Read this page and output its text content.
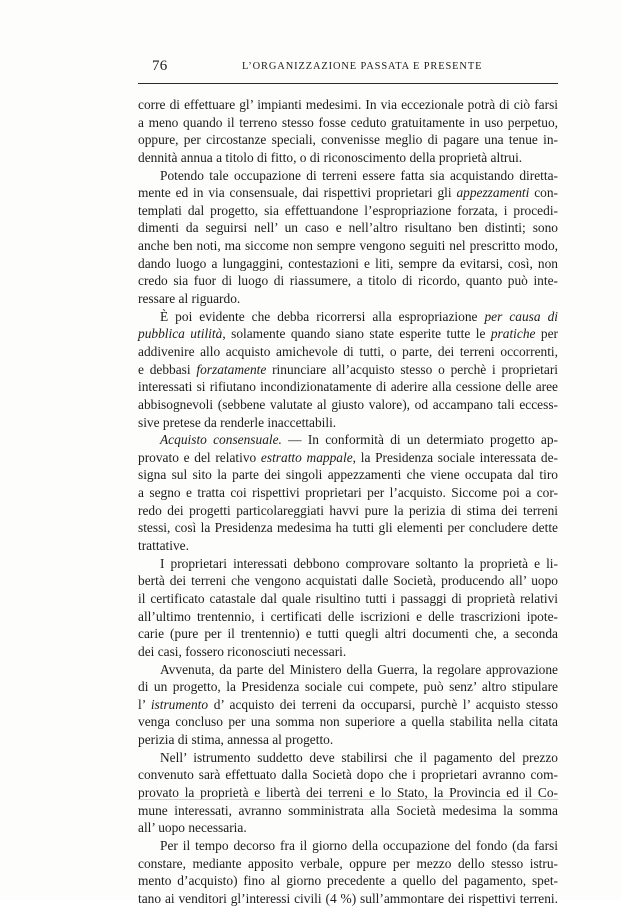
76	L’ORGANIZZAZIONE PASSATA E PRESENTE
corre di effettuare gl’ impianti medesimi. In via eccezionale potrà di ciò farsi
a meno quando il terreno stesso fosse ceduto gratuitamente in uso perpetuo,
oppure, per circostanze speciali, convenisse meglio di pagare una tenue in-
dennità annua a titolo di fitto, o di riconoscimento della proprietà altrui.
Potendo tale occupazione di terreni essere fatta sia acquistando diretta-
mente ed in via consensuale, dai rispettivi proprietari gli appezzamenti con-
templati dal progetto, sia effettuandone l’espropriazione forzata, i procedi-
dimenti da seguirsi nell’ un caso e nell’altro risultano ben distinti; sono
anche ben noti, ma siccome non sempre vengono seguiti nel prescritto modo,
dando luogo a lungaggini, contestazioni e liti, sempre da evitarsi, così, non
credo sia fuor di luogo di riassumere, a titolo di ricordo, quanto può inte-
ressare al riguardo.
È poi evidente che debba ricorrersi alla espropriazione per causa di
pubblica utilità, solamente quando siano state esperite tutte le pratiche per
addivenire allo acquisto amichevole di tutti, o parte, dei terreni occorrenti,
e debbasi forzatamente rinunciare all’acquisto stesso o perchè i proprietari
interessati si rifiutano incondizionatamente di aderire alla cessione delle aree
abbisognevoli (sebbene valutate al giusto valore), od accampano tali eccess-
sive pretese da renderle inaccettabili.
Acquisto consensuale. — In conformità di un determiato progetto ap-
provato e del relativo estratto mappale, la Presidenza sociale interessata de-
signa sul sito la parte dei singoli appezzamenti che viene occupata dal tiro
a segno e tratta coi rispettivi proprietari per l’acquisto. Siccome poi a cor-
redo dei progetti particolareggiati havvi pure la perizia di stima dei terreni
stessi, così la Presidenza medesima ha tutti gli elementi per concludere dette
trattative.
I proprietari interessati debbono comprovare soltanto la proprietà e li-
bertà dei terreni che vengono acquistati dalle Società, producendo all’ uopo
il certificato catastale dal quale risultino tutti i passaggi di proprietà relativi
all’ultimo trentennio, i certificati delle iscrizioni e delle trascrizioni ipote-
carie (pure per il trentennio) e tutti quegli altri documenti che, a seconda
dei casi, fossero riconosciuti necessari.
Avvenuta, da parte del Ministero della Guerra, la regolare approvazione
di un progetto, la Presidenza sociale cui compete, può senz’ altro stipulare
l’ istrumento d’ acquisto dei terreni da occuparsi, purchè l’ acquisto stesso
venga concluso per una somma non superiore a quella stabilita nella citata
perizia di stima, annessa al progetto.
Nell’ istrumento suddetto deve stabilirsi che il pagamento del prezzo
convenuto sarà effettuato dalla Società dopo che i proprietari avranno com-
provato la proprietà e libertà dei terreni e lo Stato, la Provincia ed il Co-
mune interessati, avranno somministrata alla Società medesima la somma
all’ uopo necessaria.
Per il tempo decorso fra il giorno della occupazione del fondo (da farsi
constare, mediante apposito verbale, oppure per mezzo dello stesso istru-
mento d’acquisto) fino al giorno precedente a quello del pagamento, spet-
tano ai venditori gl’interessi civili (4 %) sull’ammontare dei rispettivi terreni.
